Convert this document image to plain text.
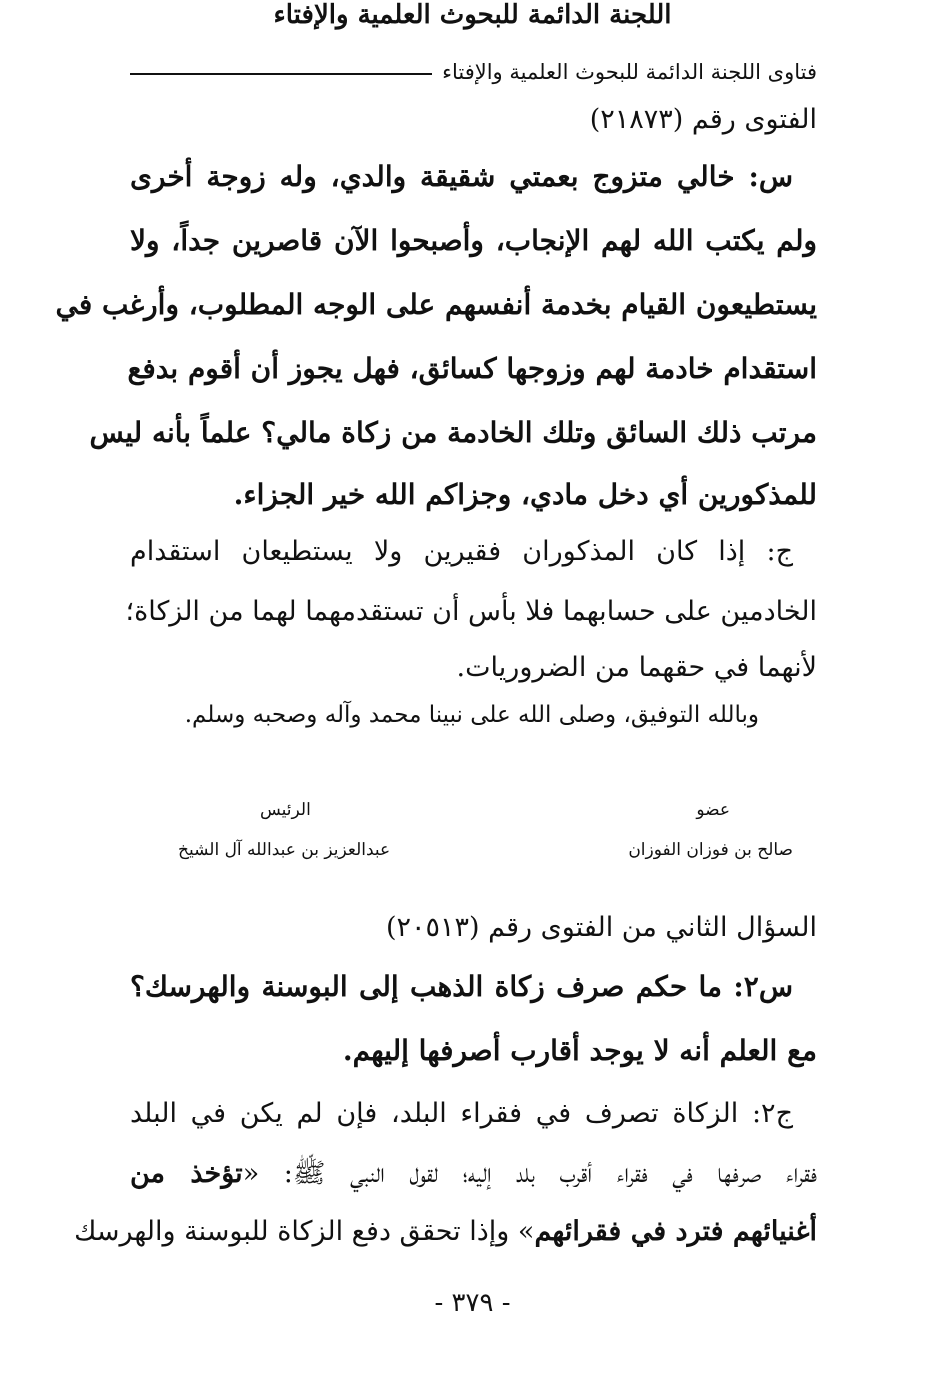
فتاوى اللجنة الدائمة للبحوث العلمية والإفتاء
الفتوى رقم (٢١٨٧٣)
س: خالي متزوج بعمتي شقيقة والدي، وله زوجة أخرى
ولم يكتب الله لهم الإنجاب، وأصبحوا الآن قاصرين جداً، ولا
يستطيعون القيام بخدمة أنفسهم على الوجه المطلوب، وأرغب في
استقدام خادمة لهم وزوجها كسائق، فهل يجوز أن أقوم بدفع
مرتب ذلك السائق وتلك الخادمة من زكاة مالي؟ علماً بأنه ليس
للمذكورين أي دخل مادي، وجزاكم الله خير الجزاء.
ج: إذا كان المذكوران فقيرين ولا يستطيعان استقدام
الخادمين على حسابهما فلا بأس أن تستقدمهما لهما من الزكاة؛
لأنهما في حقهما من الضروريات.
وبالله التوفيق، وصلى الله على نبينا محمد وآله وصحبه وسلم.
اللجنة الدائمة للبحوث العلمية والإفتاء
عضو
الرئيس
صالح بن فوزان الفوزان
عبدالعزيز بن عبدالله آل الشيخ
السؤال الثاني من الفتوى رقم (٢٠٥١٣)
س٢: ما حكم صرف زكاة الذهب إلى البوسنة والهرسك؟
مع العلم أنه لا يوجد أقارب أصرفها إليهم.
ج٢: الزكاة تصرف في فقراء البلد، فإن لم يكن في البلد
فقراء صرفها في فقراء أقرب بلد إليه؛ لقول النبي ﷺ: «تؤخذ من
أغنيائهم فترد في فقرائهم» وإذا تحقق دفع الزكاة للبوسنة والهرسك
- ٣٧٩ -
